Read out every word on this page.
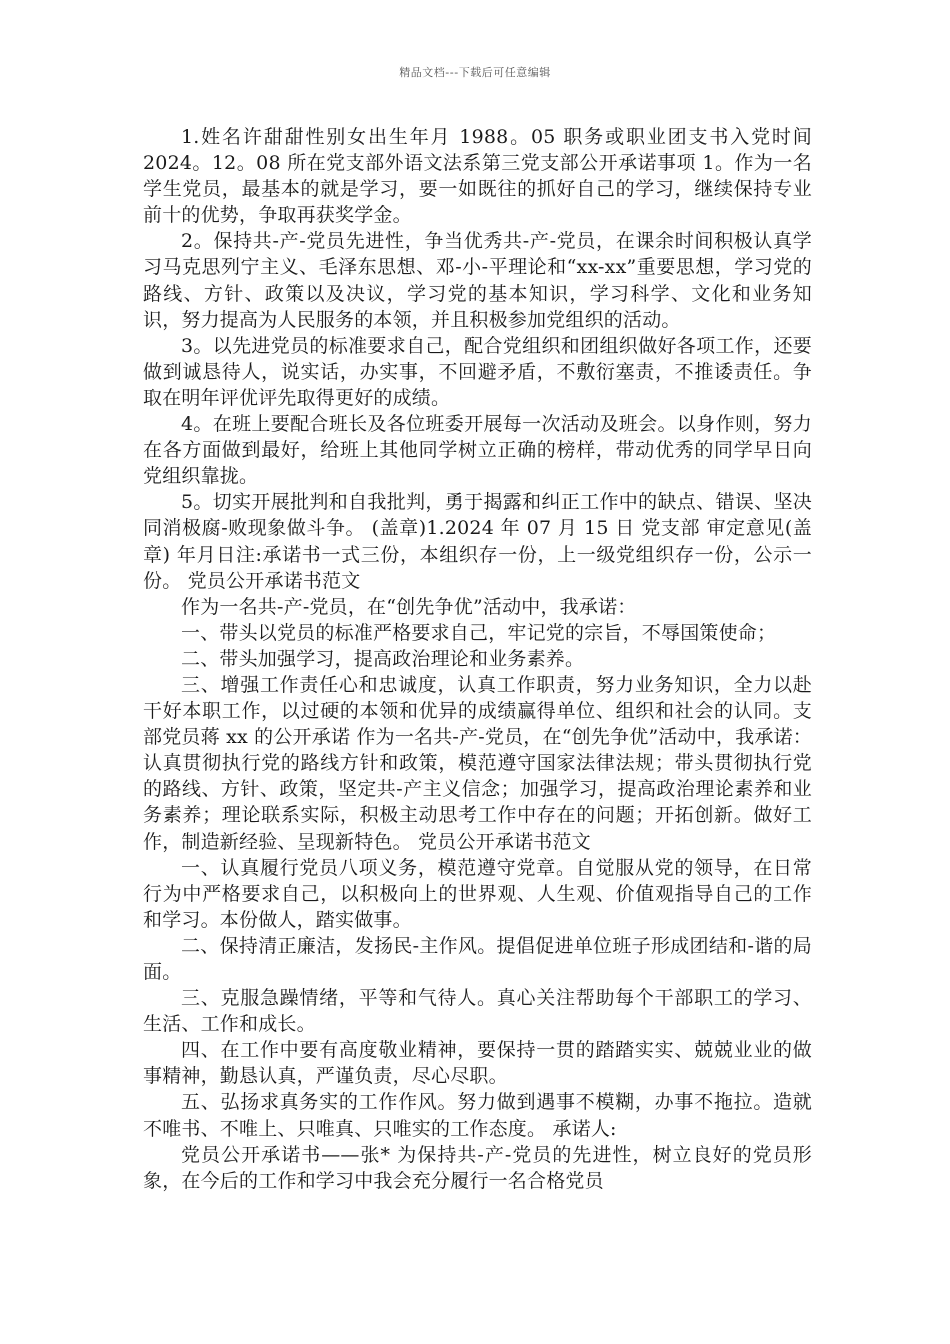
精品文档---下载后可任意编辑

1.姓名许甜甜性别女出生年月 1988。05 职务或职业团支书入党时间 2024。12。08 所在党支部外语文法系第三党支部公开承诺事项 1。作为一名学生党员，最基本的就是学习，要一如既往的抓好自己的学习，继续保持专业前十的优势，争取再获奖学金。

2。保持共-产-党员先进性，争当优秀共-产-党员，在课余时间积极认真学习马克思列宁主义、毛泽东思想、邓-小-平理论和“xx-xx”重要思想，学习党的路线、方针、政策以及决议，学习党的基本知识，学习科学、文化和业务知识，努力提高为人民服务的本领，并且积极参加党组织的活动。

3。以先进党员的标准要求自己，配合党组织和团组织做好各项工作，还要做到诚恳待人，说实话，办实事，不回避矛盾，不敷衍塞责，不推诿责任。争取在明年评优评先取得更好的成绩。

4。在班上要配合班长及各位班委开展每一次活动及班会。以身作则，努力在各方面做到最好，给班上其他同学树立正确的榜样，带动优秀的同学早日向党组织靠拢。

5。切实开展批判和自我批判，勇于揭露和纠正工作中的缺点、错误、坚决同消极腐-败现象做斗争。 (盖章)1.2024 年 07 月 15 日 党支部 审定意见(盖章) 年月日注:承诺书一式三份，本组织存一份，上一级党组织存一份，公示一份。 党员公开承诺书范文

作为一名共-产-党员，在“创先争优”活动中，我承诺：

一、带头以党员的标准严格要求自己，牢记党的宗旨，不辱国策使命；

二、带头加强学习，提高政治理论和业务素养。

三、增强工作责任心和忠诚度，认真工作职责，努力业务知识，全力以赴干好本职工作，以过硬的本领和优异的成绩赢得单位、组织和社会的认同。支部党员蒋 xx 的公开承诺 作为一名共-产-党员，在“创先争优”活动中，我承诺：认真贯彻执行党的路线方针和政策，模范遵守国家法律法规；带头贯彻执行党的路线、方针、政策，坚定共-产主义信念；加强学习，提高政治理论素养和业务素养；理论联系实际，积极主动思考工作中存在的问题；开拓创新。做好工作，制造新经验、呈现新特色。 党员公开承诺书范文

一、认真履行党员八项义务，模范遵守党章。自觉服从党的领导，在日常行为中严格要求自己，以积极向上的世界观、人生观、价值观指导自己的工作和学习。本份做人，踏实做事。

二、保持清正廉洁，发扬民-主作风。提倡促进单位班子形成团结和-谐的局面。

三、克服急躁情绪，平等和气待人。真心关注帮助每个干部职工的学习、生活、工作和成长。

四、在工作中要有高度敬业精神，要保持一贯的踏踏实实、兢兢业业的做事精神，勤恳认真，严谨负责，尽心尽职。

五、弘扬求真务实的工作作风。努力做到遇事不模糊，办事不拖拉。造就不唯书、不唯上、只唯真、只唯实的工作态度。 承诺人:

党员公开承诺书——张* 为保持共-产-党员的先进性，树立良好的党员形象，在今后的工作和学习中我会充分履行一名合格党员
